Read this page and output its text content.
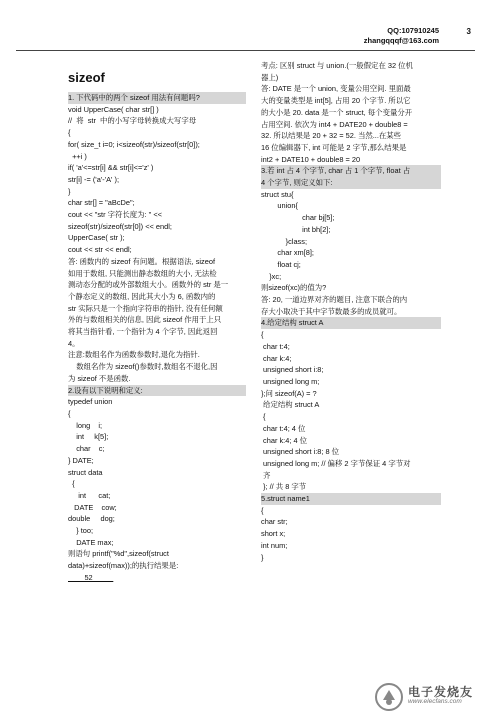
QQ:107910245
zhangqqqf@163.com
3
sizeof
1. 下代码中的两个 sizeof 用法有问题吗?
void UpperCase( char str[] )
//  将  str  中的小写字母转换成大写字母
{
for( size_t i=0; i<sizeof(str)/sizeof(str[0]);
++i )
if( 'a'<=str[i] && str[i]<='z' )
str[i] -= ('a'-'A' );
}
char str[] = "aBcDe";
cout << "str 字符长度为: " <<
sizeof(str)/sizeof(str[0]) << endl;
UpperCase( str );
cout << str << endl;
答: 函数内的 sizeof 有问题。根据语法, sizeof
如用于数组, 只能测出静态数组的大小, 无法检
测动态分配的或外部数组大小。函数外的 str 是一
个静态定义的数组, 因此其大小为 6, 函数内的
str 实际只是一个指向字符串的指针, 没有任何额
外的与数组相关的信息, 因此 sizeof 作用于上只
将其当指针看, 一个指针为 4 个字节, 因此返回
4。
注意:数组名作为函数参数时,退化为指针.
数组名作为 sizeof()参数时,数组名不退化,因
为 sizeof 不是函数.
2.设有以下说明和定义:
typedef union
{
long    i;
int     k[5];
char    c;
} DATE;
struct data
{
int      cat;
DATE    cow;
double     dog;
} too;
DATE max;
则语句 printf("%d",sizeof(struct
data)+sizeof(max));的执行结果是:
____52_____
考点: 区别 struct 与 union.(一般假定在 32 位机
器上)
答: DATE 是一个 union, 变量公用空间. 里面最
大的变量类型是 int[5], 占用 20 个字节. 所以它
的大小是 20. data 是一个 struct, 每个变量分开
占用空间. 依次为 int4 + DATE20 + double8 =
32. 所以结果是 20 + 32 = 52. 当然...在某些
16 位编辑器下, int 可能是 2 字节,那么结果是
int2 + DATE10 + double8 = 20
3.若 int 占 4 个字节, char 占 1 个字节, float 占
4 个字节, 则定义如下:
struct stu{
union{
char bj[5];
int bh[2];
}class;
char xm[8];
float cj;
}xc;
则sizeof(xc)的值为?
答: 20, 一道边界对齐的题目, 注意下联合的内
存大小取决于其中字节数最多的成员就可。
4.给定结构 struct A
{
char t:4;
char k:4;
unsigned short i:8;
unsigned long m;
};问 sizeof(A) = ?
给定结构 struct A
{
char t:4; 4 位
char k:4; 4 位
unsigned short i:8; 8 位
unsigned long m; // 偏移 2 字节保证 4 字节对
齐
}; // 共 8 字节
5.struct name1
{
char str;
short x;
int num;
}
电子发烧友
www.elecfans.com
